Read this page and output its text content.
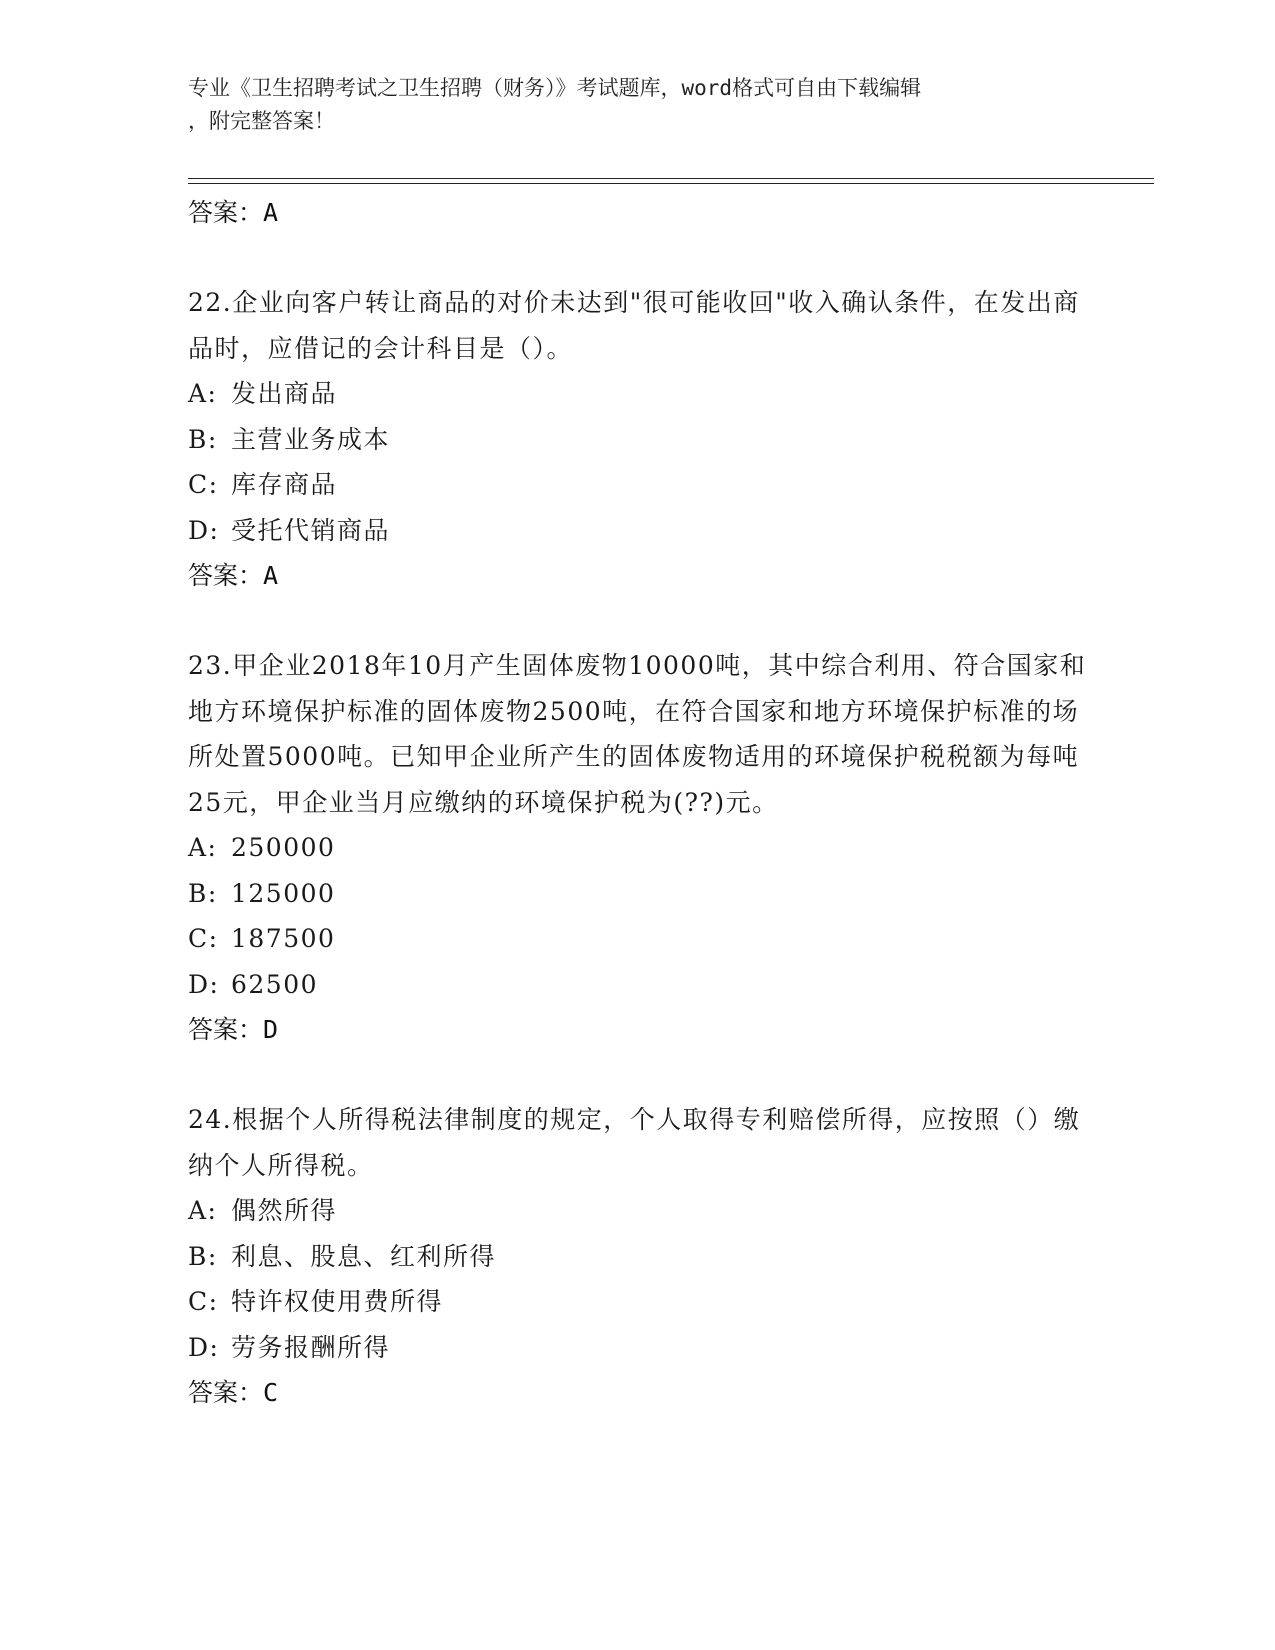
专业《卫生招聘考试之卫生招聘（财务）》考试题库，word格式可自由下载编辑

，附完整答案！

答案：A

22.企业向客户转让商品的对价未达到"很可能收回"收入确认条件，在发出商品时，应借记的会计科目是（）。

A: 发出商品

B: 主营业务成本

C: 库存商品

D: 受托代销商品

答案：A

23.甲企业2018年10月产生固体废物10000吨，其中综合利用、符合国家和地方环境保护标准的固体废物2500吨，在符合国家和地方环境保护标准的场所处置5000吨。已知甲企业所产生的固体废物适用的环境保护税税额为每吨25元，甲企业当月应缴纳的环境保护税为(??)元。

A: 250000

B: 125000

C: 187500

D: 62500

答案：D

24.根据个人所得税法律制度的规定，个人取得专利赔偿所得，应按照（）缴纳个人所得税。

A: 偶然所得

B: 利息、股息、红利所得

C: 特许权使用费所得

D: 劳务报酬所得

答案：C
